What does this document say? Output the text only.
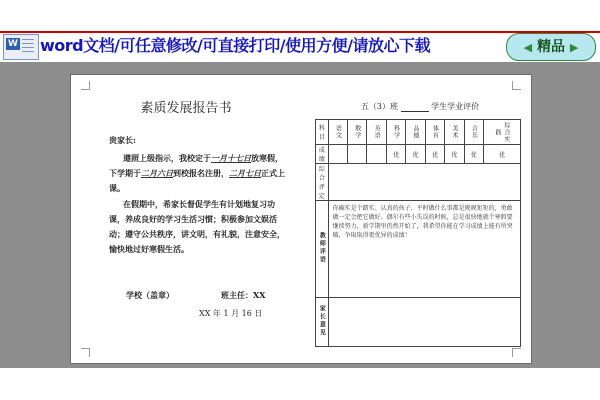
W word文档/可任意修改/可直接打印/使用方便/请放心下载	◀ 精品 ▶
素质发展报告书
贵家长:
遵照上级指示，我校定于一月十七日放寒假，下学期于二月六日到校报名注册，二月七日正式上课。
在假期中，希家长督促学生有计划地复习功课，养成良好的学习生活习惯；积极参加文娱活动；遵守公共秩序，讲文明，有礼貌，注意安全，愉快地过好寒假生活。
学校（盖章）	班主任：XX
XX 年 1 月 16 日
五（3）班	学生学业评价
科目	语文	数学	英语	科学	品德	体育	美术	音乐	综合实践
成绩				优	优	优	优	优	优
综合评定									
教师评语	你确实是个踏实、认真的孩子，平时做什么事都是规规矩矩的，勇敢做一定会把它做好。偶尔有些小失误的时候，总是很快地就个寒假要继续努力，新学期里仍然开始了，我希望你能在学习成绩上能有所突破，争取取得更优异的成绩！								
家长意见									
